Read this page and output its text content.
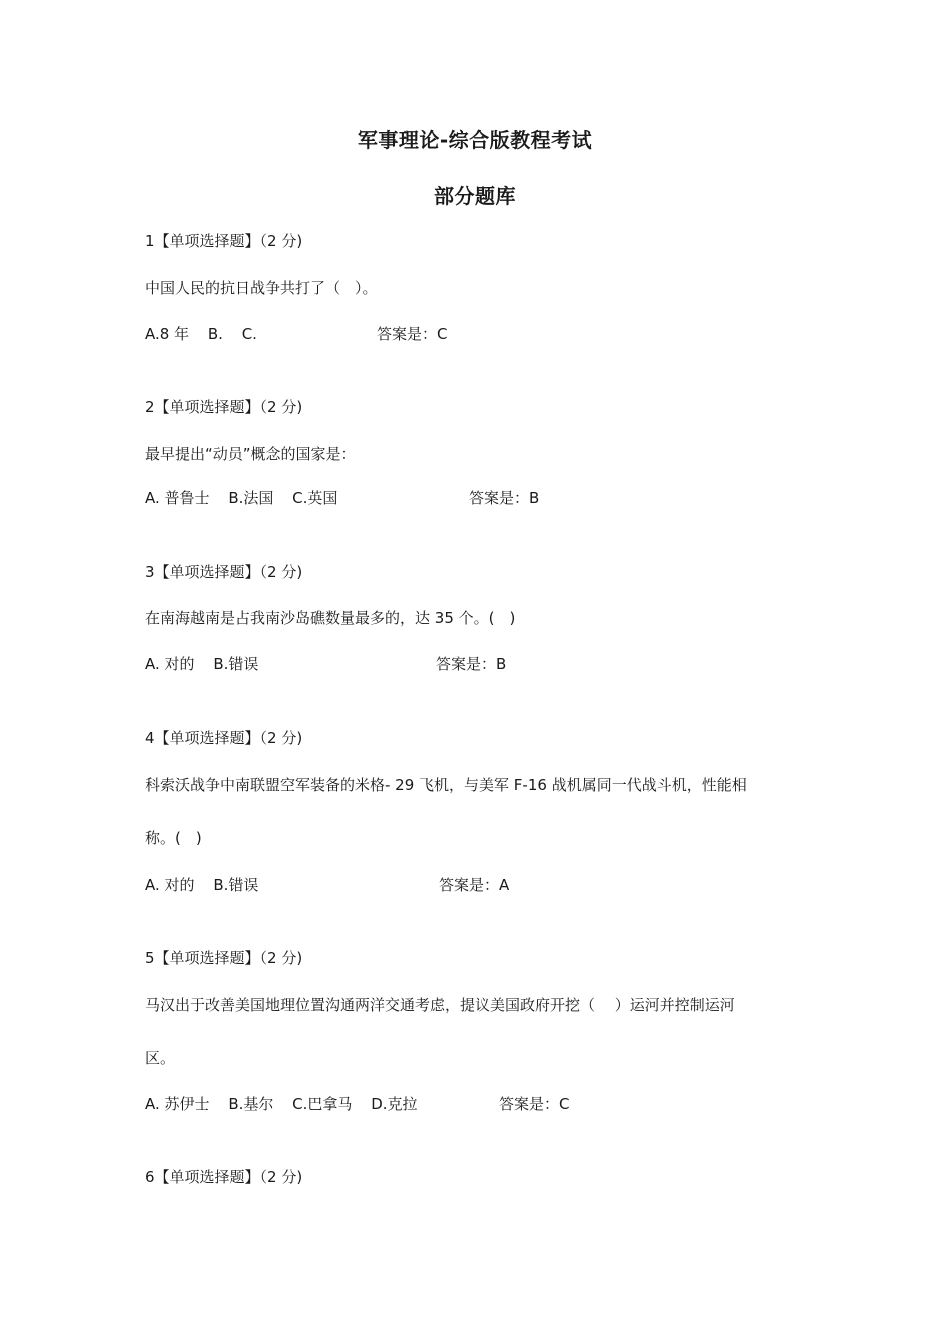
军事理论-综合版教程考试
部分题库
1【单项选择题】（2 分)
中国人民的抗日战争共打了（　）。
A.8 年 B. C.	答案是：C
2【单项选择题】（2 分)
最早提出“动员”概念的国家是：
A. 普鲁士 B.法国 C.英国	答案是：B
3【单项选择题】（2 分)
在南海越南是占我南沙岛礁数量最多的，达 35 个。(　)
A. 对的 B.错误	答案是：B
4【单项选择题】（2 分)
科索沃战争中南联盟空军装备的米格- 29 飞机，与美军 F-16 战机属同一代战斗机，性能相
称。(　)
A. 对的 B.错误	答案是：A
5【单项选择题】（2 分)
马汉出于改善美国地理位置沟通两洋交通考虑，提议美国政府开挖（　 ）运河并控制运河
区。
A. 苏伊士 B.基尔 C.巴拿马 D.克拉	答案是：C
6【单项选择题】（2 分)
